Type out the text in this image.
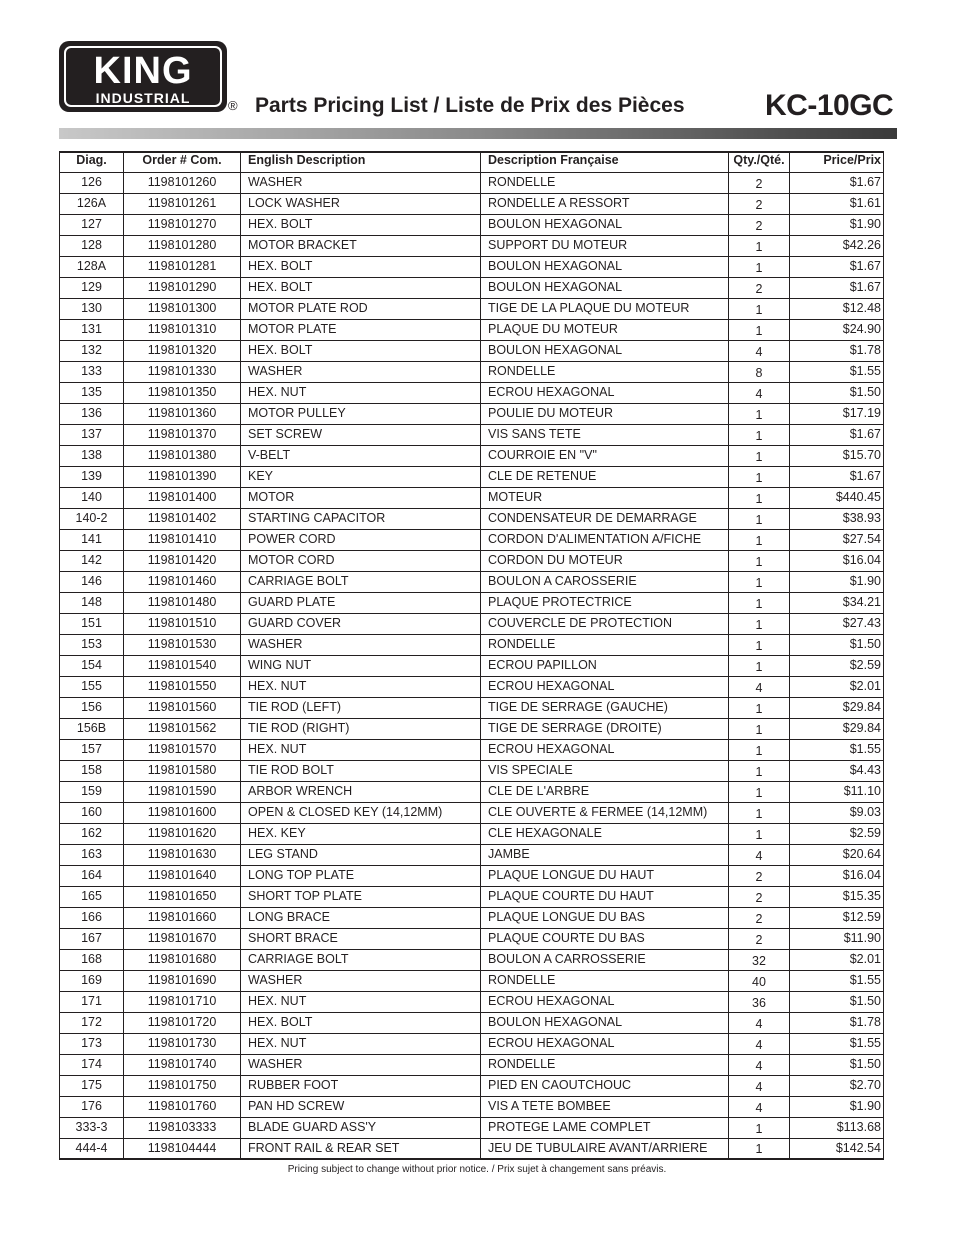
KING
INDUSTRIAL	® Parts Pricing List / Liste de Prix des Pièces	KC-10GC
Diag.	Order # Com.	English Description	Description Française	Qty./Qté.	Price/Prix
126	1198101260	WASHER	RONDELLE	2	$1.67
126A	1198101261	LOCK WASHER	RONDELLE A RESSORT	2	$1.61
127	1198101270	HEX. BOLT	BOULON HEXAGONAL	2	$1.90
128	1198101280	MOTOR BRACKET	SUPPORT DU MOTEUR	1	$42.26
128A	1198101281	HEX. BOLT	BOULON HEXAGONAL	1	$1.67
129	1198101290	HEX. BOLT	BOULON HEXAGONAL	2	$1.67
130	1198101300	MOTOR PLATE ROD	TIGE DE LA PLAQUE DU MOTEUR	1	$12.48
131	1198101310	MOTOR PLATE	PLAQUE DU MOTEUR	1	$24.90
132	1198101320	HEX. BOLT	BOULON HEXAGONAL	4	$1.78
133	1198101330	WASHER	RONDELLE	8	$1.55
135	1198101350	HEX. NUT	ECROU HEXAGONAL	4	$1.50
136	1198101360	MOTOR PULLEY	POULIE DU MOTEUR	1	$17.19
137	1198101370	SET SCREW	VIS SANS TETE	1	$1.67
138	1198101380	V-BELT	COURROIE EN "V"	1	$15.70
139	1198101390	KEY	CLE DE RETENUE	1	$1.67
140	1198101400	MOTOR	MOTEUR	1	$440.45
140-2	1198101402	STARTING CAPACITOR	CONDENSATEUR DE DEMARRAGE	1	$38.93
141	1198101410	POWER CORD	CORDON D'ALIMENTATION A/FICHE	1	$27.54
142	1198101420	MOTOR CORD	CORDON DU MOTEUR	1	$16.04
146	1198101460	CARRIAGE BOLT	BOULON A CAROSSERIE	1	$1.90
148	1198101480	GUARD PLATE	PLAQUE PROTECTRICE	1	$34.21
151	1198101510	GUARD COVER	COUVERCLE DE PROTECTION	1	$27.43
153	1198101530	WASHER	RONDELLE	1	$1.50
154	1198101540	WING NUT	ECROU PAPILLON	1	$2.59
155	1198101550	HEX. NUT	ECROU HEXAGONAL	4	$2.01
156	1198101560	TIE ROD (LEFT)	TIGE DE SERRAGE (GAUCHE)	1	$29.84
156B	1198101562	TIE ROD (RIGHT)	TIGE DE SERRAGE (DROITE)	1	$29.84
157	1198101570	HEX. NUT	ECROU HEXAGONAL	1	$1.55
158	1198101580	TIE ROD BOLT	VIS SPECIALE	1	$4.43
159	1198101590	ARBOR WRENCH	CLE DE L'ARBRE	1	$11.10
160	1198101600	OPEN & CLOSED KEY (14,12MM)	CLE OUVERTE & FERMEE (14,12MM)	1	$9.03
162	1198101620	HEX. KEY	CLE HEXAGONALE	1	$2.59
163	1198101630	LEG STAND	JAMBE	4	$20.64
164	1198101640	LONG TOP PLATE	PLAQUE LONGUE DU HAUT	2	$16.04
165	1198101650	SHORT TOP PLATE	PLAQUE COURTE DU HAUT	2	$15.35
166	1198101660	LONG BRACE	PLAQUE LONGUE DU BAS	2	$12.59
167	1198101670	SHORT BRACE	PLAQUE COURTE DU BAS	2	$11.90
168	1198101680	CARRIAGE BOLT	BOULON A CARROSSERIE	32	$2.01
169	1198101690	WASHER	RONDELLE	40	$1.55
171	1198101710	HEX. NUT	ECROU HEXAGONAL	36	$1.50
172	1198101720	HEX. BOLT	BOULON HEXAGONAL	4	$1.78
173	1198101730	HEX. NUT	ECROU HEXAGONAL	4	$1.55
174	1198101740	WASHER	RONDELLE	4	$1.50
175	1198101750	RUBBER FOOT	PIED EN CAOUTCHOUC	4	$2.70
176	1198101760	PAN HD SCREW	VIS A TETE BOMBEE	4	$1.90
333-3	1198103333	BLADE GUARD ASS'Y	PROTEGE LAME COMPLET	1	$113.68
444-4	1198104444	FRONT RAIL & REAR SET	JEU DE TUBULAIRE AVANT/ARRIERE	1	$142.54
Pricing subject to change without prior notice. / Prix sujet à changement sans préavis.
